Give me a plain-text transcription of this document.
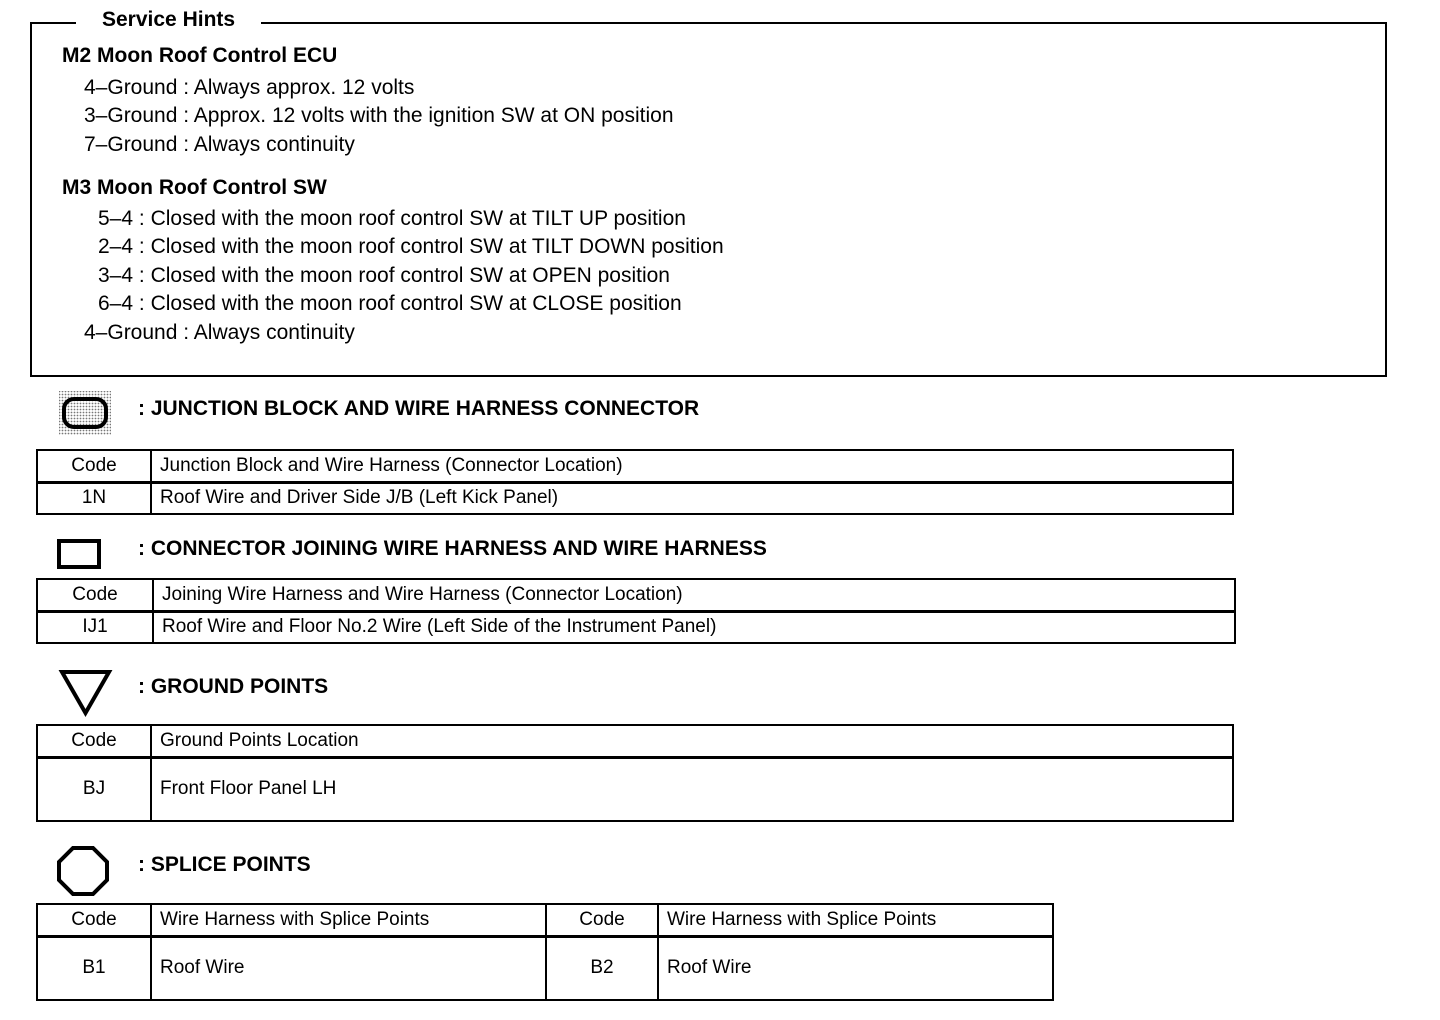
Service Hints
M2 Moon Roof Control ECU
4–Ground : Always approx. 12 volts
3–Ground : Approx. 12 volts with the ignition SW at ON position
7–Ground : Always continuity
M3 Moon Roof Control SW
5–4 : Closed with the moon roof control SW at TILT UP position
2–4 : Closed with the moon roof control SW at TILT DOWN position
3–4 : Closed with the moon roof control SW at OPEN position
6–4 : Closed with the moon roof control SW at CLOSE position
4–Ground : Always continuity
: JUNCTION BLOCK AND WIRE HARNESS CONNECTOR
Code	Junction Block and Wire Harness (Connector Location)
1N	Roof Wire and Driver Side J/B (Left Kick Panel)
: CONNECTOR JOINING WIRE HARNESS AND WIRE HARNESS
Code	Joining Wire Harness and Wire Harness (Connector Location)
IJ1	Roof Wire and Floor No.2 Wire (Left Side of the Instrument Panel)
: GROUND POINTS
Code	Ground Points Location
BJ	Front Floor Panel LH
: SPLICE POINTS
Code	Wire Harness with Splice Points	Code	Wire Harness with Splice Points
B1	Roof Wire	B2	Roof Wire
